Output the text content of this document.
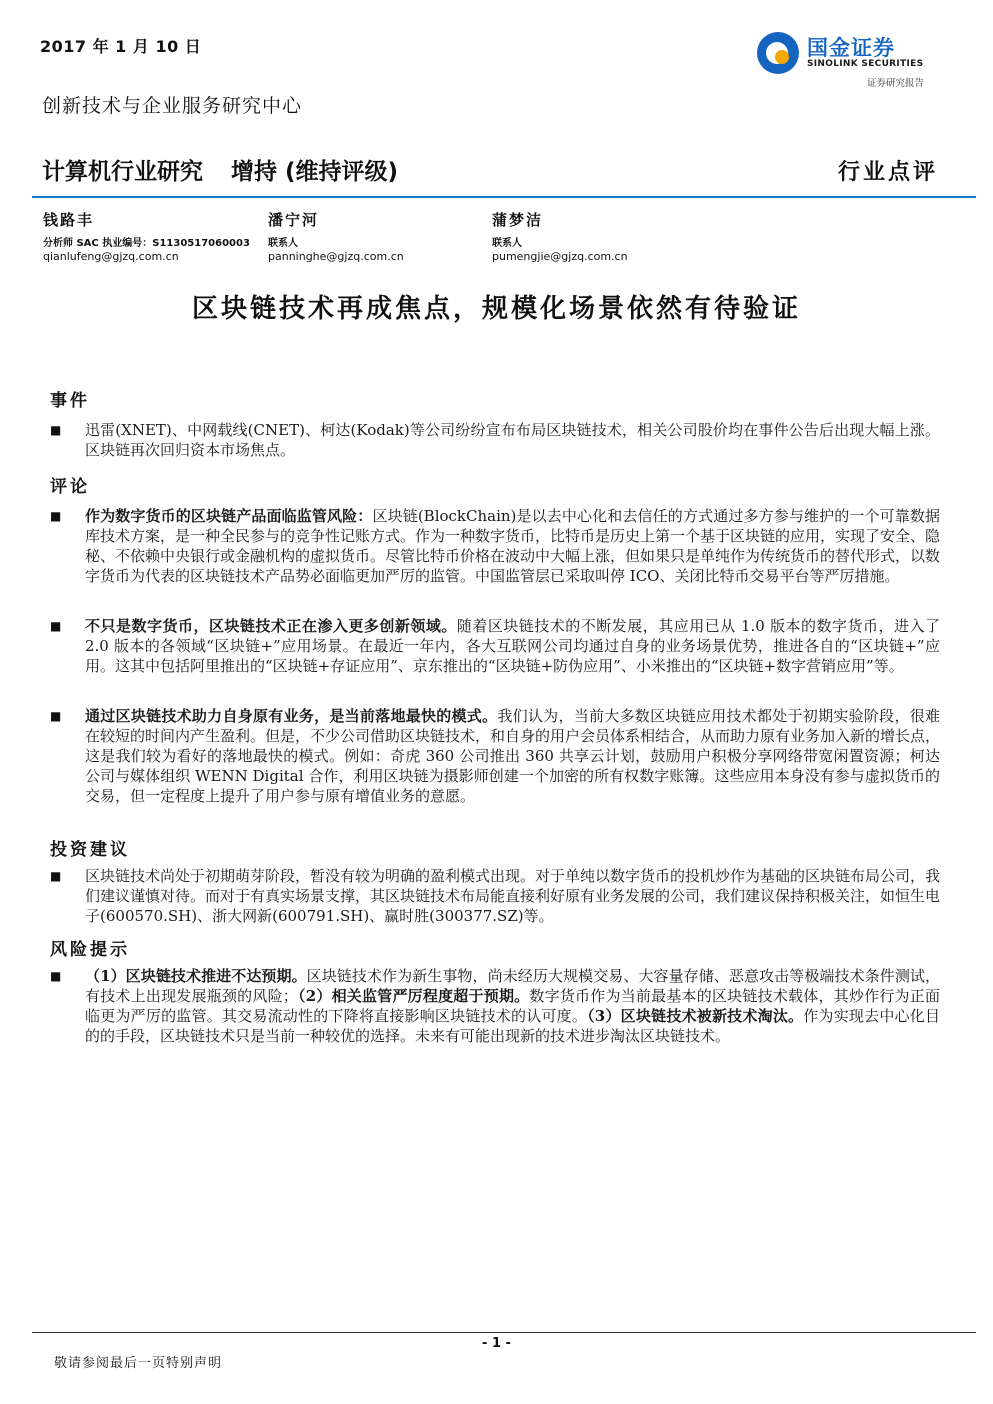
2017 年 1 月 10 日
创新技术与企业服务研究中心
国金证券
SINOLINK SECURITIES
证券研究报告
计算机行业研究 增持 (维持评级)	行业点评
钱路丰
分析师 SAC 执业编号：S1130517060003
qianlufeng@gjzq.com.cn
潘宁河
联系人
panninghe@gjzq.com.cn
蒲梦洁
联系人
pumengjie@gjzq.com.cn
区块链技术再成焦点，规模化场景依然有待验证
事件
■ 迅雷(XNET)、中网载线(CNET)、柯达(Kodak)等公司纷纷宣布布局区块链技术，相关公司股价均在事件公告后出现大幅上涨。区块链再次回归资本市场焦点。
评论
■ 作为数字货币的区块链产品面临监管风险：区块链(BlockChain)是以去中心化和去信任的方式通过多方参与维护的一个可靠数据库技术方案，是一种全民参与的竞争性记账方式。作为一种数字货币，比特币是历史上第一个基于区块链的应用，实现了安全、隐秘、不依赖中央银行或金融机构的虚拟货币。尽管比特币价格在波动中大幅上涨，但如果只是单纯作为传统货币的替代形式，以数字货币为代表的区块链技术产品势必面临更加严厉的监管。中国监管层已采取叫停 ICO、关闭比特币交易平台等严厉措施。
■ 不只是数字货币，区块链技术正在渗入更多创新领域。随着区块链技术的不断发展，其应用已从 1.0 版本的数字货币，进入了 2.0 版本的各领域“区块链+”应用场景。在最近一年内，各大互联网公司均通过自身的业务场景优势，推进各自的“区块链+”应用。这其中包括阿里推出的“区块链+存证应用”、京东推出的“区块链+防伪应用”、小米推出的“区块链+数字营销应用”等。
■ 通过区块链技术助力自身原有业务，是当前落地最快的模式。我们认为，当前大多数区块链应用技术都处于初期实验阶段，很难在较短的时间内产生盈利。但是，不少公司借助区块链技术，和自身的用户会员体系相结合，从而助力原有业务加入新的增长点，这是我们较为看好的落地最快的模式。例如：奇虎 360 公司推出 360 共享云计划，鼓励用户积极分享网络带宽闲置资源；柯达公司与媒体组织 WENN Digital 合作，利用区块链为摄影师创建一个加密的所有权数字账簿。这些应用本身没有参与虚拟货币的交易，但一定程度上提升了用户参与原有增值业务的意愿。
投资建议
■ 区块链技术尚处于初期萌芽阶段，暂没有较为明确的盈利模式出现。对于单纯以数字货币的投机炒作为基础的区块链布局公司，我们建议谨慎对待。而对于有真实场景支撑，其区块链技术布局能直接利好原有业务发展的公司，我们建议保持积极关注，如恒生电子(600570.SH)、浙大网新(600791.SH)、赢时胜(300377.SZ)等。
风险提示
■ （1）区块链技术推进不达预期。区块链技术作为新生事物，尚未经历大规模交易、大容量存储、恶意攻击等极端技术条件测试，有技术上出现发展瓶颈的风险；（2）相关监管严厉程度超于预期。数字货币作为当前最基本的区块链技术载体，其炒作行为正面临更为严厉的监管。其交易流动性的下降将直接影响区块链技术的认可度。（3）区块链技术被新技术淘汰。作为实现去中心化目的的手段，区块链技术只是当前一种较优的选择。未来有可能出现新的技术进步淘汰区块链技术。
- 1 -
敬请参阅最后一页特别声明
